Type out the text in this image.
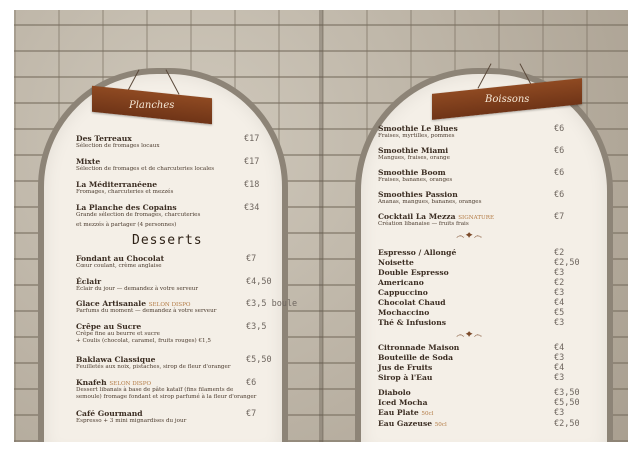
Planches
Des Terreaux
Sélection de fromages locaux
€17
Mixte
Sélection de fromages et de charcuteries locales
€17
La Méditerranéene
Fromages, charcuteries et mezzés
€18
La Planche des Copains
Grande sélection de fromages, charcuteries
et mezzés à partager (4 personnes)
€34
Desserts
Fondant au Chocolat
Cœur coulant, crème anglaise
€7
Éclair
Éclair du jour — demandez à votre serveur
€4,50
Glace Artisanale SELON DISPO
Parfums du moment — demandez à votre serveur
€3,5 boule
Crêpe au Sucre
Crêpe fine au beurre et sucre
+ Coulis (chocolat, caramel, fruits rouges) €1,5
€3,5
Baklawa Classique
Feuilletés aux noix, pistaches, sirop de fleur d'oranger
€5,50
Knafeh SELON DISPO
Dessert libanais à base de pâte kataïf (fins filaments de
semoule) fromage fondant et sirop parfumé à la fleur d'oranger
€6
Café Gourmand
Espresso + 3 mini mignardises du jour
€7
Boissons
Smoothie Le Blues
Fraises, myrtilles, pommes
€6
Smoothie Miami
Mangues, fraises, orange
€6
Smoothie Boom
Fraises, bananes, oranges
€6
Smoothies Passion
Ananas, mangues, bananes, oranges
€6
Cocktail La Mezza SIGNATURE
Création libanaise — fruits frais
€7
෴✦෴
Espresso / Allongé	€2
Noisette	€2,50
Double Espresso	€3
Americano	€2
Cappuccino	€3
Chocolat Chaud	€4
Mochaccino	€5
Thé & Infusions	€3
෴✦෴
Citronnade Maison	€4
Bouteille de Soda	€3
Jus de Fruits	€4
Sirop à l'Eau	€3
Diabolo	€3,50
Iced Mocha	€5,50
Eau Plate 50cl	€3
Eau Gazeuse 50cl	€2,50
